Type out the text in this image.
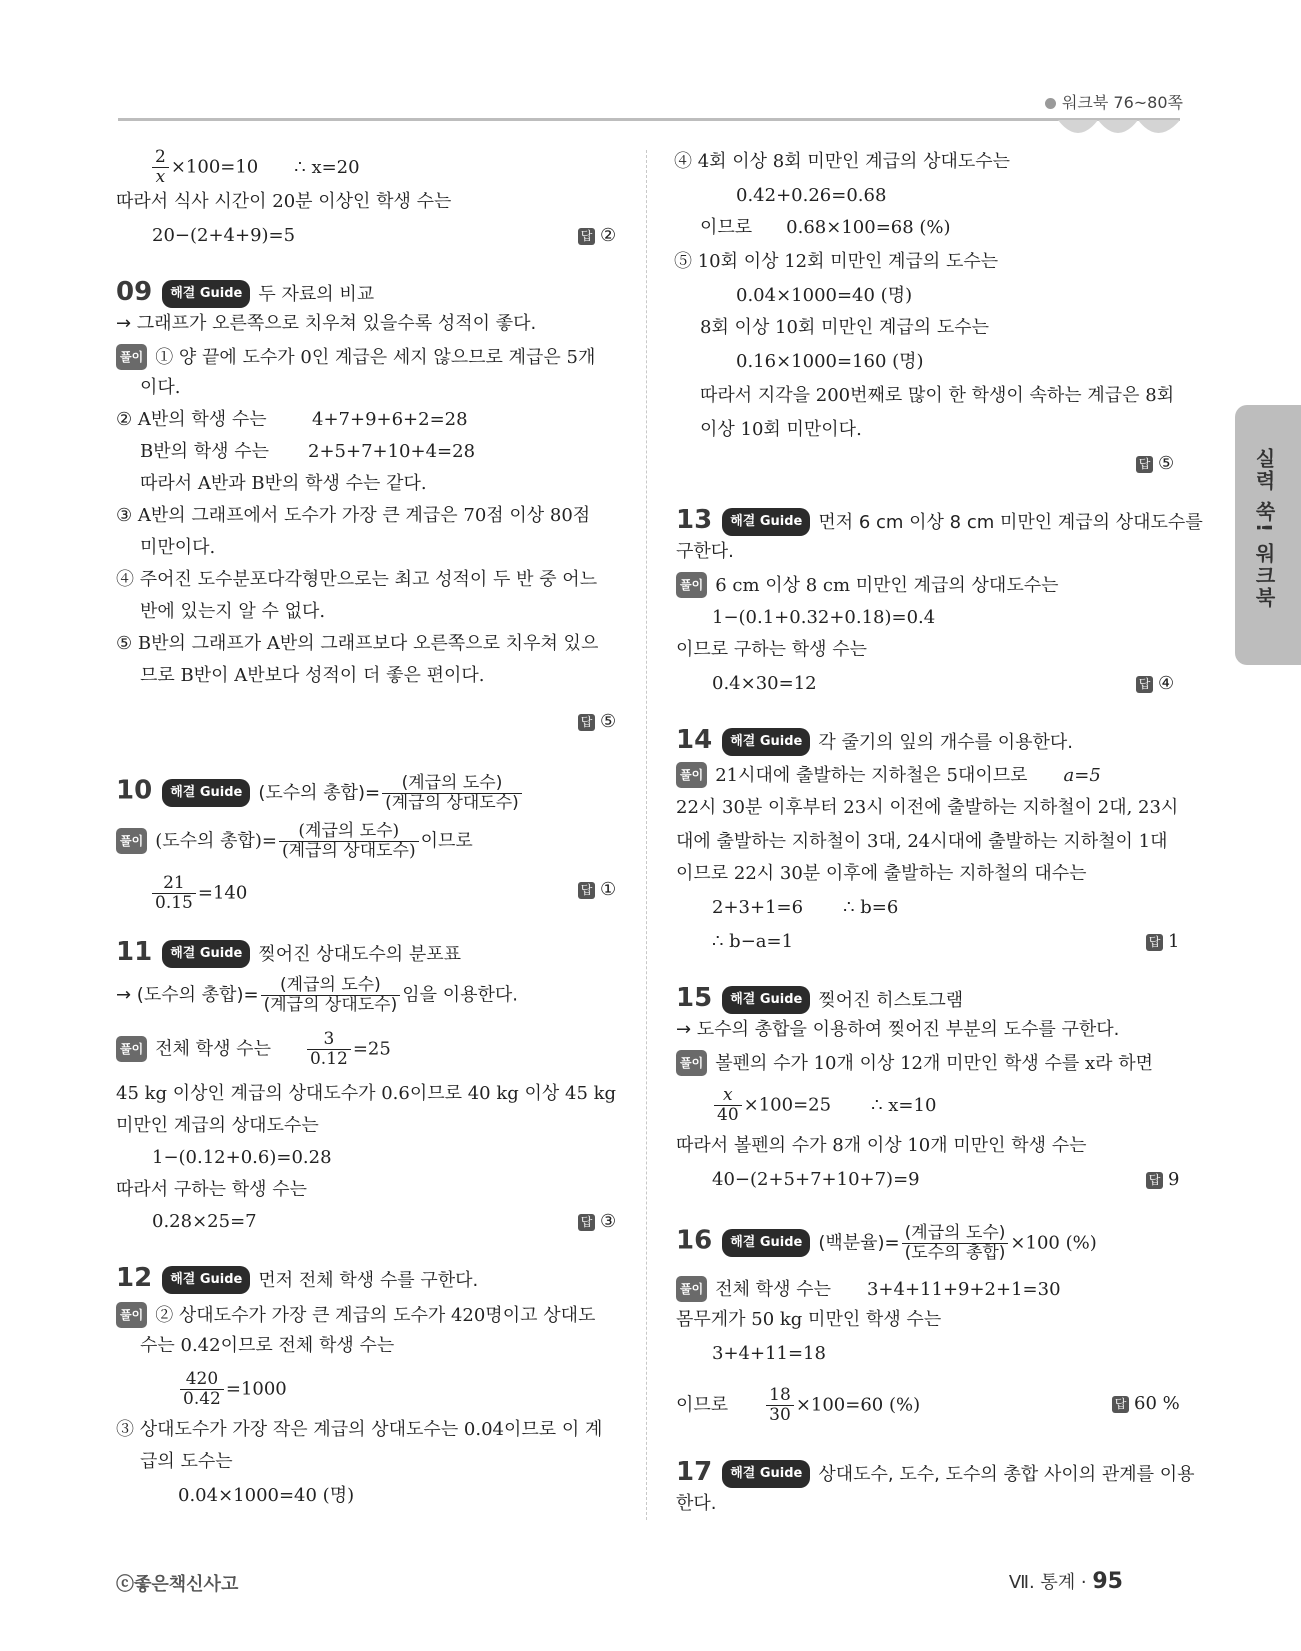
워크북 76~80쪽
실력 쑥! 워크북
$\frac{2}{x} \times 100=10$ ∴ x=20
따라서 식사 시간이 20분 이상인 학생 수는
20−(2+4+9)=5	답 ②
09 해결 Guide 두 자료의 비교
→ 그래프가 오른쪽으로 치우쳐 있을수록 성적이 좋다.
풀이 ① 양 끝에 도수가 0인 계급은 세지 않으므로 계급은 5개
이다.
② A반의 학생 수는	4+7+9+6+2=28
B반의 학생 수는 2+5+7+10+4=28
따라서 A반과 B반의 학생 수는 같다.
③ A반의 그래프에서 도수가 가장 큰 계급은 70점 이상 80점
미만이다.
④ 주어진 도수분포다각형만으로는 최고 성적이 두 반 중 어느
반에 있는지 알 수 없다.
⑤ B반의 그래프가 A반의 그래프보다 오른쪽으로 치우쳐 있으
므로 B반이 A반보다 성적이 더 좋은 편이다.
답 ⑤
10 해결 Guide (도수의 총합)= $\frac{\text{(계급의 도수)}}{\text{(계급의 상대도수)}}$
풀이 (도수의 총합)= $\frac{\text{(계급의 도수)}}{\text{(계급의 상대도수)}}$ 이므로
$\frac{21}{0.15} =140$	답 ①
11 해결 Guide 찢어진 상대도수의 분포표
→ (도수의 총합)= $\frac{\text{(계급의 도수)}}{\text{(계급의 상대도수)}}$ 임을 이용한다.
풀이 전체 학생 수는 $\frac{3}{0.12} =25$
45 kg 이상인 계급의 상대도수가 0.6이므로 40 kg 이상 45 kg
미만인 계급의 상대도수는
1−(0.12+0.6)=0.28
따라서 구하는 학생 수는
0.28×25=7	답 ③
12 해결 Guide 먼저 전체 학생 수를 구한다.
풀이 ② 상대도수가 가장 큰 계급의 도수가 420명이고 상대도
수는 0.42이므로 전체 학생 수는
$\frac{420}{0.42} =1000$
③ 상대도수가 가장 작은 계급의 상대도수는 0.04이므로 이 계
급의 도수는
0.04×1000=40 (명)
④ 4회 이상 8회 미만인 계급의 상대도수는
0.42+0.26=0.68
이므로 0.68×100=68 (%)
⑤ 10회 이상 12회 미만인 계급의 도수는
0.04×1000=40 (명)
8회 이상 10회 미만인 계급의 도수는
0.16×1000=160 (명)
따라서 지각을 200번째로 많이 한 학생이 속하는 계급은 8회
이상 10회 미만이다.
답 ⑤
13 해결 Guide 먼저 6 cm 이상 8 cm 미만인 계급의 상대도수를
구한다.
풀이 6 cm 이상 8 cm 미만인 계급의 상대도수는
1−(0.1+0.32+0.18)=0.4
이므로 구하는 학생 수는
0.4×30=12	답 ④
14 해결 Guide 각 줄기의 잎의 개수를 이용한다.
풀이 21시대에 출발하는 지하철은 5대이므로 a=5
22시 30분 이후부터 23시 이전에 출발하는 지하철이 2대, 23시
대에 출발하는 지하철이 3대, 24시대에 출발하는 지하철이 1대
이므로 22시 30분 이후에 출발하는 지하철의 대수는
2+3+1=6 ∴ b=6
∴ b−a=1	답 1
15 해결 Guide 찢어진 히스토그램
→ 도수의 총합을 이용하여 찢어진 부분의 도수를 구한다.
풀이 볼펜의 수가 10개 이상 12개 미만인 학생 수를 x라 하면
$\frac{x}{40} \times 100=25$ ∴ x=10
따라서 볼펜의 수가 8개 이상 10개 미만인 학생 수는
40−(2+5+7+10+7)=9	답 9
16 해결 Guide (백분율)= $\frac{\text{(계급의 도수)}}{\text{(도수의 총합)}} \times 100$ (%)
풀이 전체 학생 수는 3+4+11+9+2+1=30
몸무게가 50 kg 미만인 학생 수는
3+4+11=18
이므로 $\frac{18}{30} \times 100=60$ (%)	답 60 %
17 해결 Guide 상대도수, 도수, 도수의 총합 사이의 관계를 이용
한다.
ⓒ좋은책신사고	Ⅶ. 통계 · 95
